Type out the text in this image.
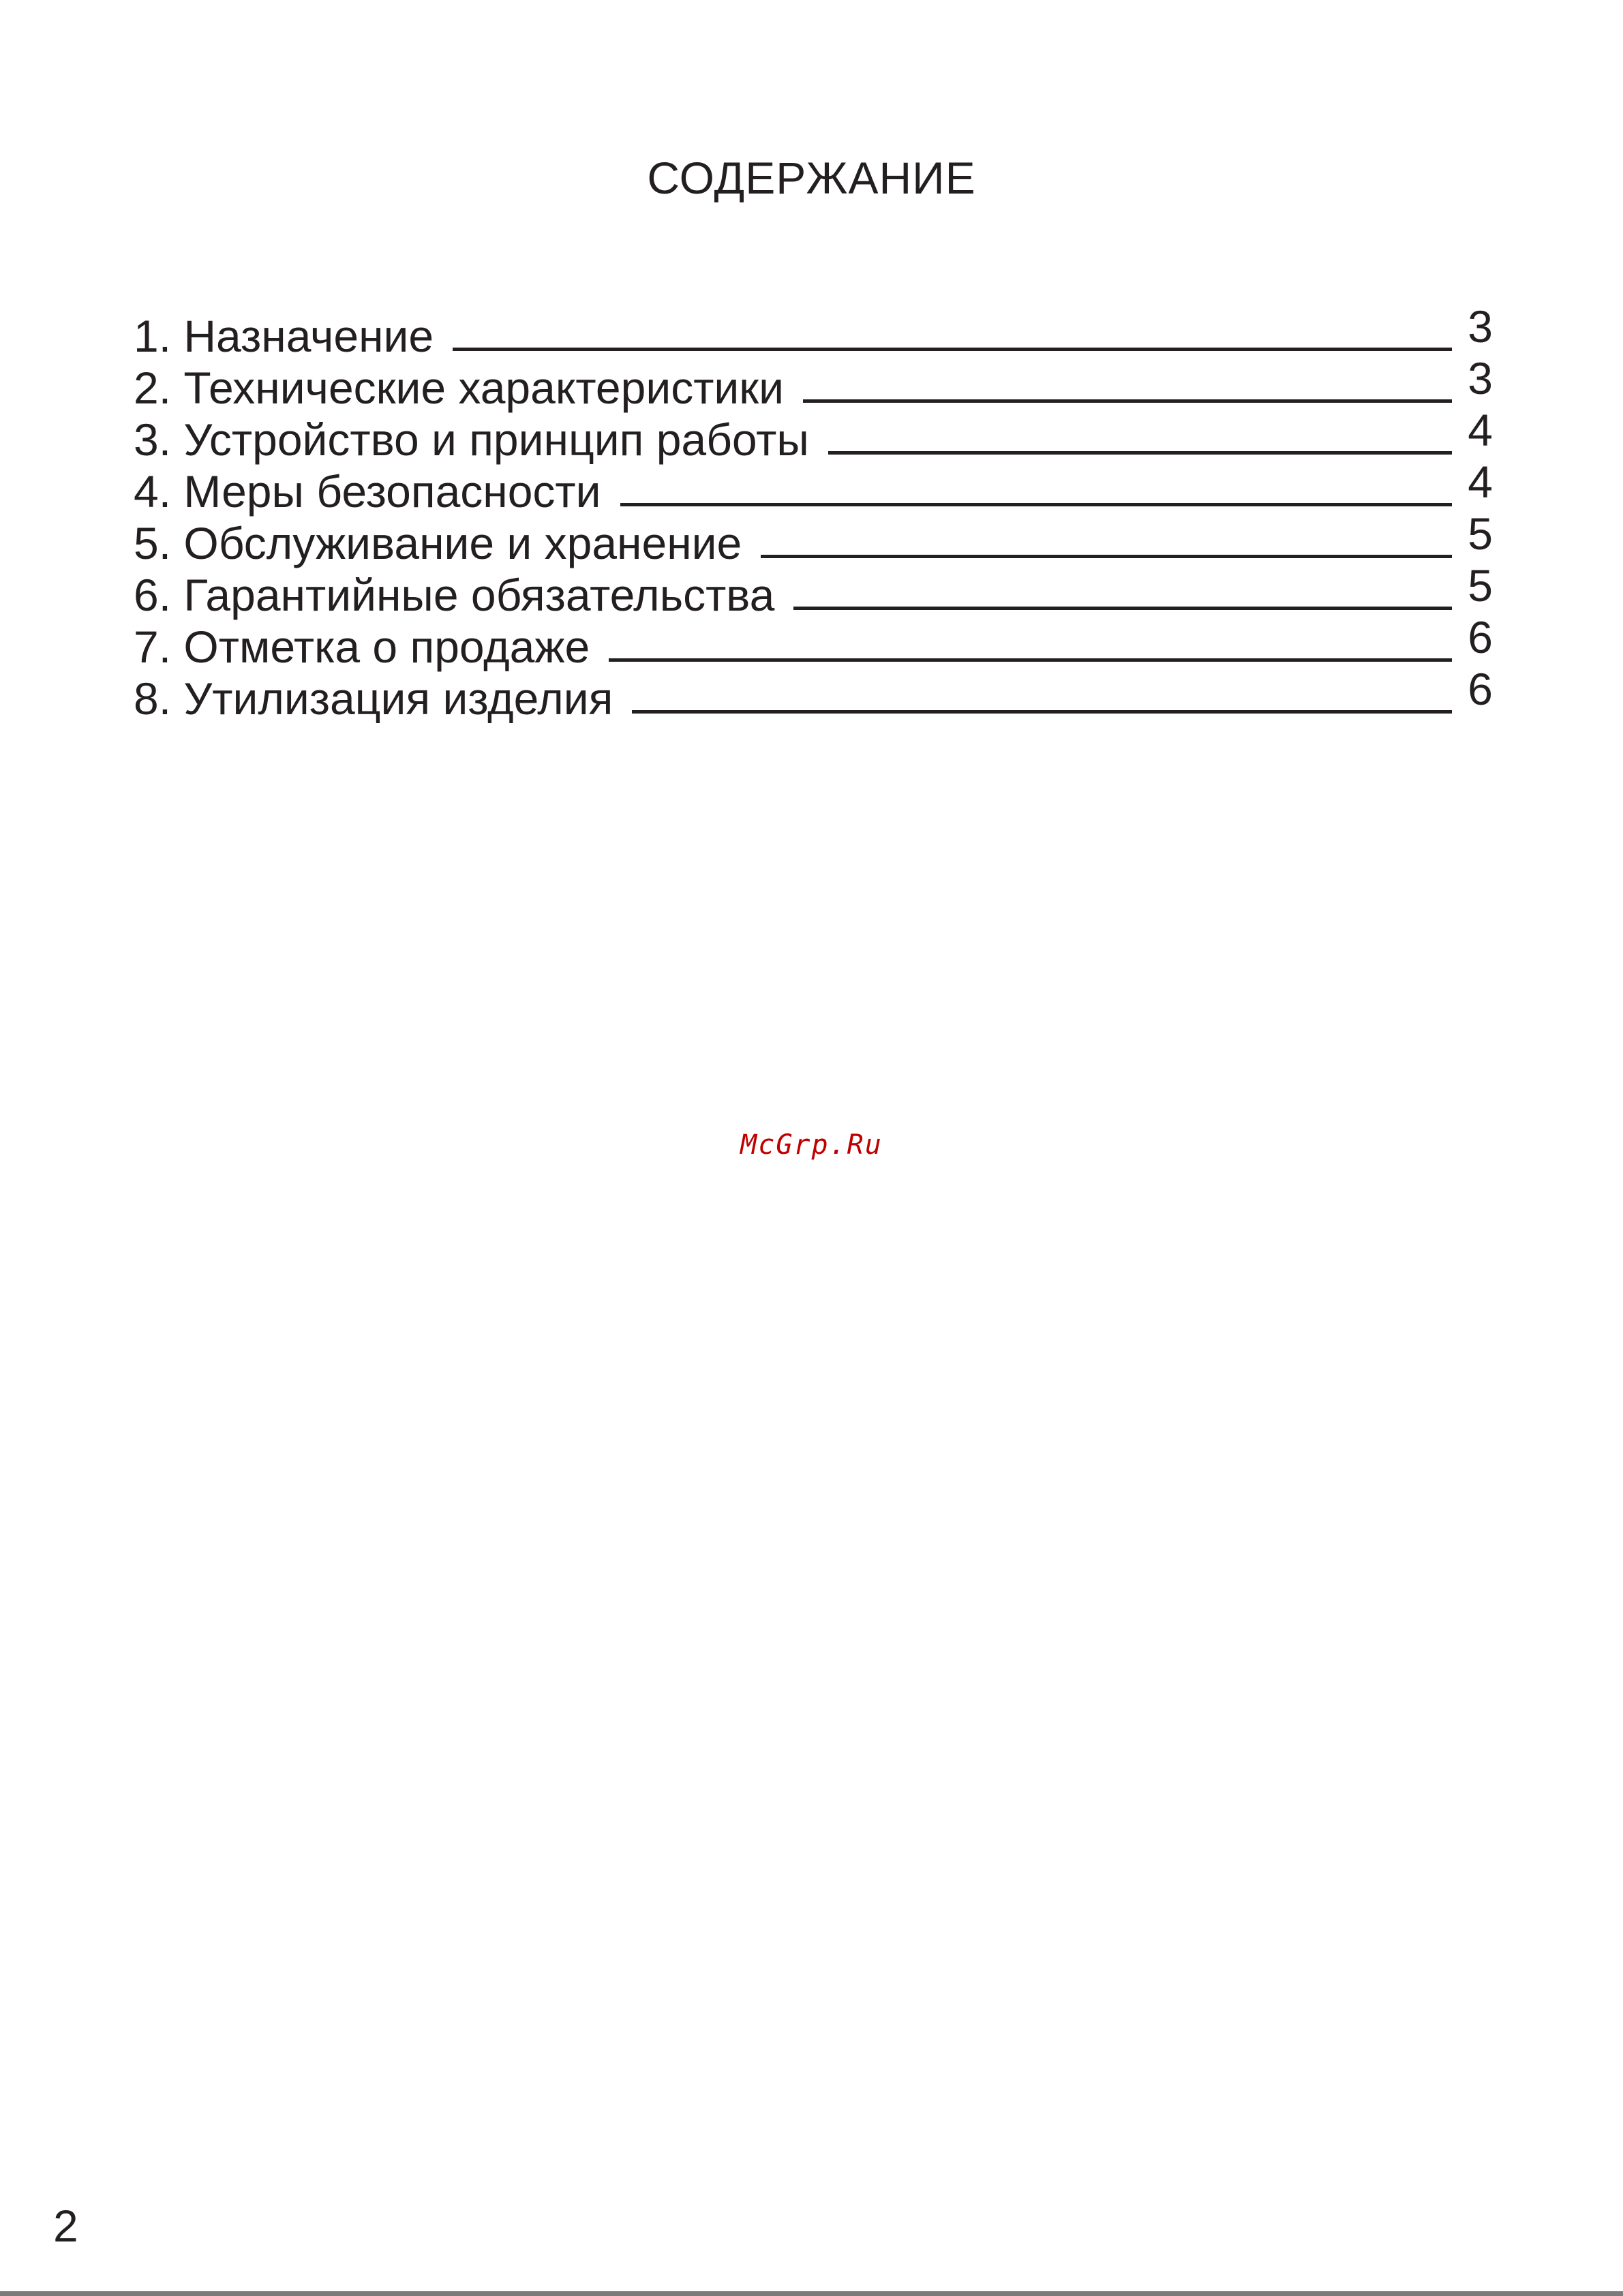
СОДЕРЖАНИЕ
1. Назначение	3
2. Технические характеристики	3
3. Устройство и принцип работы	4
4. Меры безопасности	4
5. Обслуживание и хранение	5
6. Гарантийные обязательства	5
7. Отметка о продаже	6
8. Утилизация изделия	6
McGrp.Ru
2
